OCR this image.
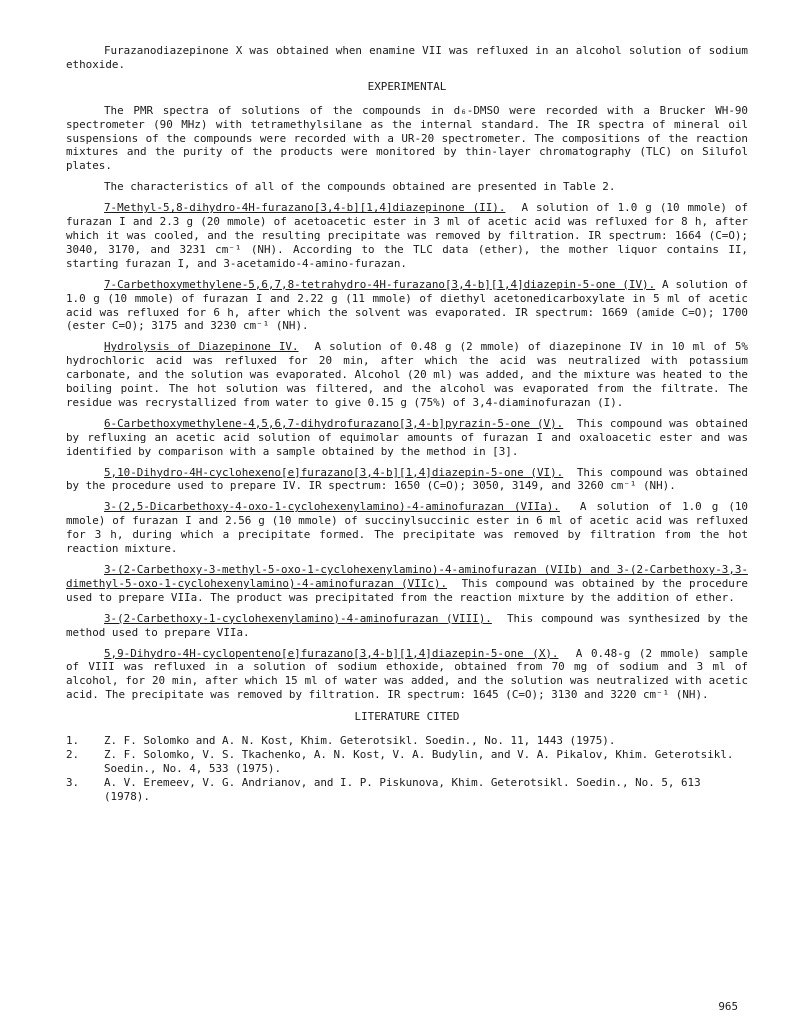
Furazanodiazepinone X was obtained when enamine VII was refluxed in an alcohol solution of sodium ethoxide.

EXPERIMENTAL

The PMR spectra of solutions of the compounds in d₆-DMSO were recorded with a Brucker WH-90 spectrometer (90 MHz) with tetramethylsilane as the internal standard. The IR spectra of mineral oil suspensions of the compounds were recorded with a UR-20 spectrometer. The compositions of the reaction mixtures and the purity of the products were monitored by thin-layer chromatography (TLC) on Silufol plates.

The characteristics of all of the compounds obtained are presented in Table 2.

7-Methyl-5,8-dihydro-4H-furazano[3,4-b][1,4]diazepinone (II). A solution of 1.0 g (10 mmole) of furazan I and 2.3 g (20 mmole) of acetoacetic ester in 3 ml of acetic acid was refluxed for 8 h, after which it was cooled, and the resulting precipitate was removed by filtration. IR spectrum: 1664 (C=O); 3040, 3170, and 3231 cm⁻¹ (NH). According to the TLC data (ether), the mother liquor contains II, starting furazan I, and 3-acetamido-4-amino-furazan.

7-Carbethoxymethylene-5,6,7,8-tetrahydro-4H-furazano[3,4-b][1,4]diazepin-5-one (IV). A solution of 1.0 g (10 mmole) of furazan I and 2.22 g (11 mmole) of diethyl acetonedicarboxylate in 5 ml of acetic acid was refluxed for 6 h, after which the solvent was evaporated. IR spectrum: 1669 (amide C=O); 1700 (ester C=O); 3175 and 3230 cm⁻¹ (NH).

Hydrolysis of Diazepinone IV. A solution of 0.48 g (2 mmole) of diazepinone IV in 10 ml of 5% hydrochloric acid was refluxed for 20 min, after which the acid was neutralized with potassium carbonate, and the solution was evaporated. Alcohol (20 ml) was added, and the mixture was heated to the boiling point. The hot solution was filtered, and the alcohol was evaporated from the filtrate. The residue was recrystallized from water to give 0.15 g (75%) of 3,4-diaminofurazan (I).

6-Carbethoxymethylene-4,5,6,7-dihydrofurazano[3,4-b]pyrazin-5-one (V). This compound was obtained by refluxing an acetic acid solution of equimolar amounts of furazan I and oxaloacetic ester and was identified by comparison with a sample obtained by the method in [3].

5,10-Dihydro-4H-cyclohexeno[e]furazano[3,4-b][1,4]diazepin-5-one (VI). This compound was obtained by the procedure used to prepare IV. IR spectrum: 1650 (C=O); 3050, 3149, and 3260 cm⁻¹ (NH).

3-(2,5-Dicarbethoxy-4-oxo-1-cyclohexenylamino)-4-aminofurazan (VIIa). A solution of 1.0 g (10 mmole) of furazan I and 2.56 g (10 mmole) of succinylsuccinic ester in 6 ml of acetic acid was refluxed for 3 h, during which a precipitate formed. The precipitate was removed by filtration from the hot reaction mixture.

3-(2-Carbethoxy-3-methyl-5-oxo-1-cyclohexenylamino)-4-aminofurazan (VIIb) and 3-(2-Carbethoxy-3,3-dimethyl-5-oxo-1-cyclohexenylamino)-4-aminofurazan (VIIc). This compound was obtained by the procedure used to prepare VIIa. The product was precipitated from the reaction mixture by the addition of ether.

3-(2-Carbethoxy-1-cyclohexenylamino)-4-aminofurazan (VIII). This compound was synthesized by the method used to prepare VIIa.

5,9-Dihydro-4H-cyclopenteno[e]furazano[3,4-b][1,4]diazepin-5-one (X). A 0.48-g (2 mmole) sample of VIII was refluxed in a solution of sodium ethoxide, obtained from 70 mg of sodium and 3 ml of alcohol, for 20 min, after which 15 ml of water was added, and the solution was neutralized with acetic acid. The precipitate was removed by filtration. IR spectrum: 1645 (C=O); 3130 and 3220 cm⁻¹ (NH).

LITERATURE CITED
1.	Z. F. Solomko and A. N. Kost, Khim. Geterotsikl. Soedin., No. 11, 1443 (1975).
2.	Z. F. Solomko, V. S. Tkachenko, A. N. Kost, V. A. Budylin, and V. A. Pikalov, Khim. Geterotsikl. Soedin., No. 4, 533 (1975).
3.	A. V. Eremeev, V. G. Andrianov, and I. P. Piskunova, Khim. Geterotsikl. Soedin., No. 5, 613 (1978).
965
